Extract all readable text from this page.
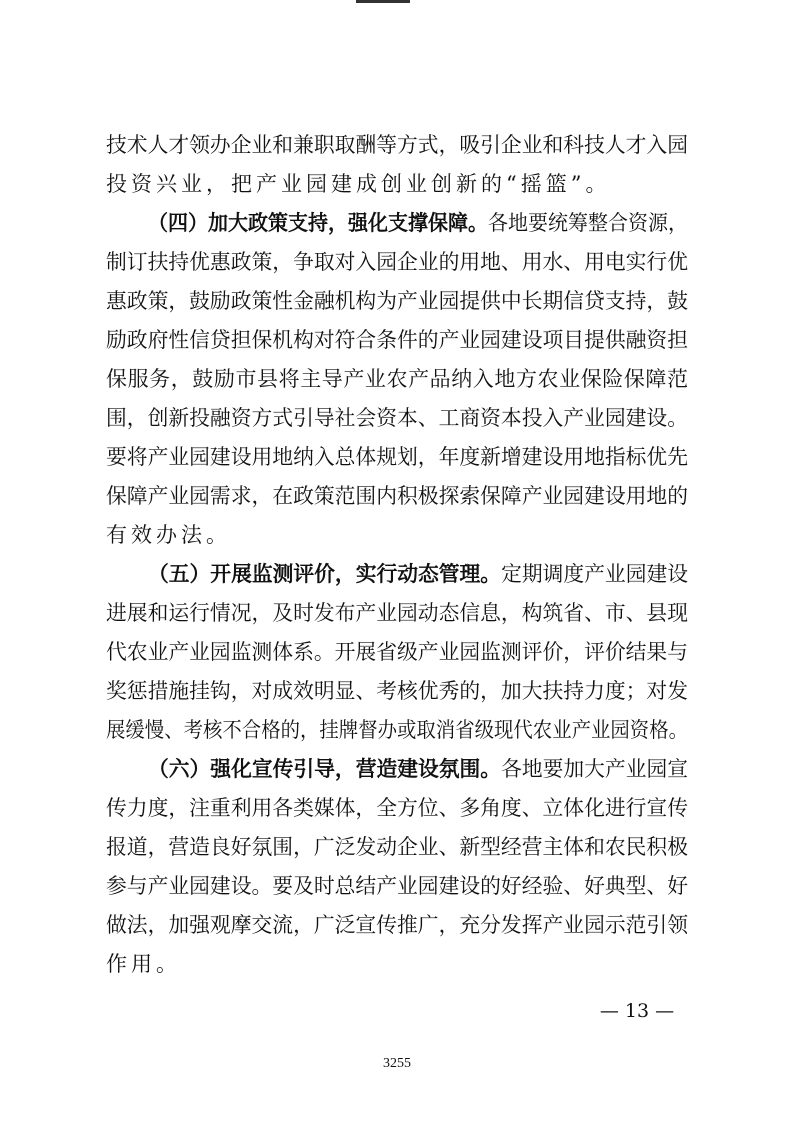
技术人才领办企业和兼职取酬等方式，吸引企业和科技人才入园
投资兴业，把产业园建成创业创新的“摇篮”。
（四）加大政策支持，强化支撑保障。各地要统筹整合资源，
制订扶持优惠政策，争取对入园企业的用地、用水、用电实行优
惠政策，鼓励政策性金融机构为产业园提供中长期信贷支持，鼓
励政府性信贷担保机构对符合条件的产业园建设项目提供融资担
保服务，鼓励市县将主导产业农产品纳入地方农业保险保障范
围，创新投融资方式引导社会资本、工商资本投入产业园建设。
要将产业园建设用地纳入总体规划，年度新增建设用地指标优先
保障产业园需求，在政策范围内积极探索保障产业园建设用地的
有效办法。
（五）开展监测评价，实行动态管理。定期调度产业园建设
进展和运行情况，及时发布产业园动态信息，构筑省、市、县现
代农业产业园监测体系。开展省级产业园监测评价，评价结果与
奖惩措施挂钩，对成效明显、考核优秀的，加大扶持力度；对发
展缓慢、考核不合格的，挂牌督办或取消省级现代农业产业园资格。
（六）强化宣传引导，营造建设氛围。各地要加大产业园宣
传力度，注重利用各类媒体，全方位、多角度、立体化进行宣传
报道，营造良好氛围，广泛发动企业、新型经营主体和农民积极
参与产业园建设。要及时总结产业园建设的好经验、好典型、好
做法，加强观摩交流，广泛宣传推广，充分发挥产业园示范引领
作用。
— 13 —
3255
